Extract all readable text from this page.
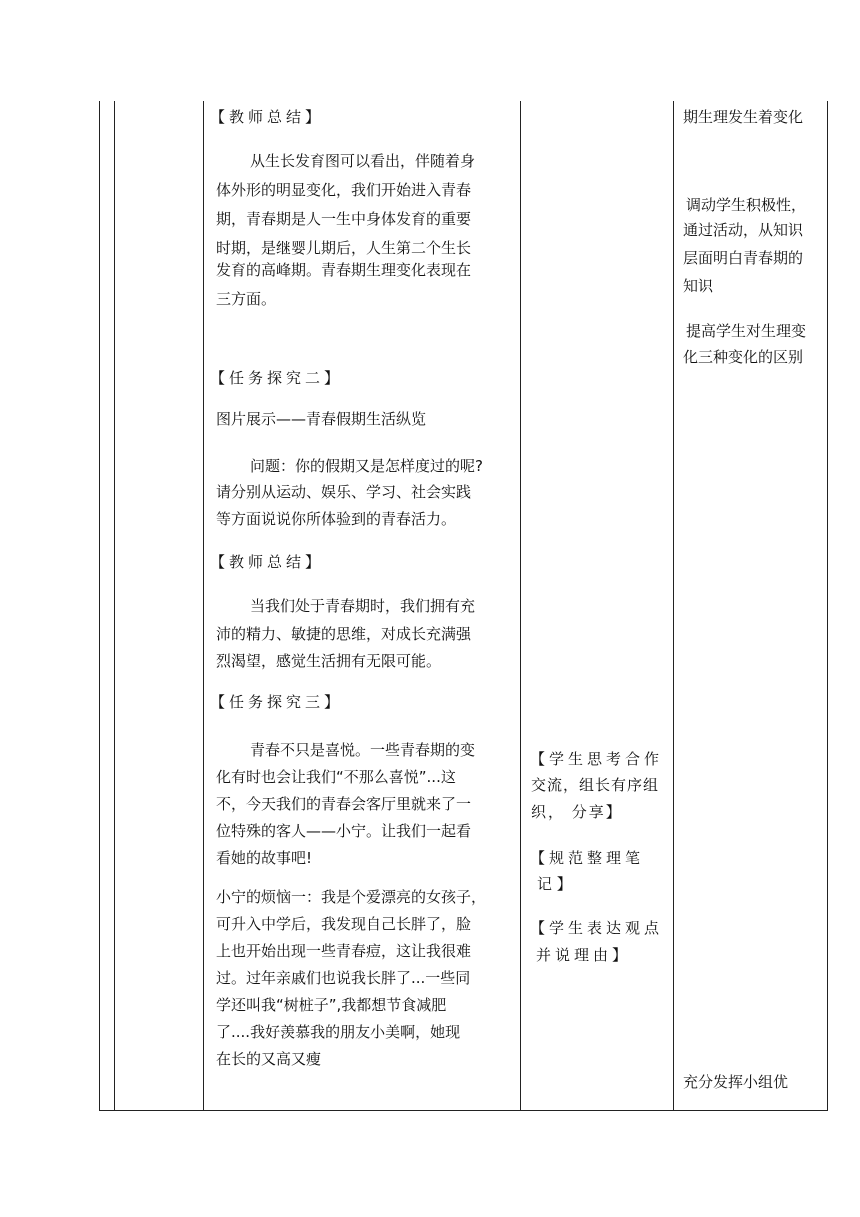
【教师总结】
从生长发育图可以看出，伴随着身
体外形的明显变化，我们开始进入青春
期，青春期是人一生中身体发育的重要
时期，是继婴儿期后，人生第二个生长
发育的高峰期。青春期生理变化表现在
三方面。
【任务探究二】
图片展示——青春假期生活纵览
问题：你的假期又是怎样度过的呢?
请分别从运动、娱乐、学习、社会实践
等方面说说你所体验到的青春活力。
【教师总结】
当我们处于青春期时，我们拥有充
沛的精力、敏捷的思维，对成长充满强
烈渴望，感觉生活拥有无限可能。
【任务探究三】
青春不只是喜悦。一些青春期的变
化有时也会让我们“不那么喜悦”...这
不，今天我们的青春会客厅里就来了一
位特殊的客人——小宁。让我们一起看
看她的故事吧!
小宁的烦恼一：我是个爱漂亮的女孩子，
可升入中学后，我发现自己长胖了，脸
上也开始出现一些青春痘，这让我很难
过。过年亲戚们也说我长胖了...一些同
学还叫我“树桩子”,我都想节食减肥
了....我好羡慕我的朋友小美啊，她现
在长的又高又瘦
【学生思考合作
交流，组长有序组
织， 分享】
【规范整理笔
记 】
【学生表达观点
并说理由】
期生理发生着变化
调动学生积极性，
通过活动，从知识
层面明白青春期的
知识
提高学生对生理变
化三种变化的区别
充分发挥小组优
